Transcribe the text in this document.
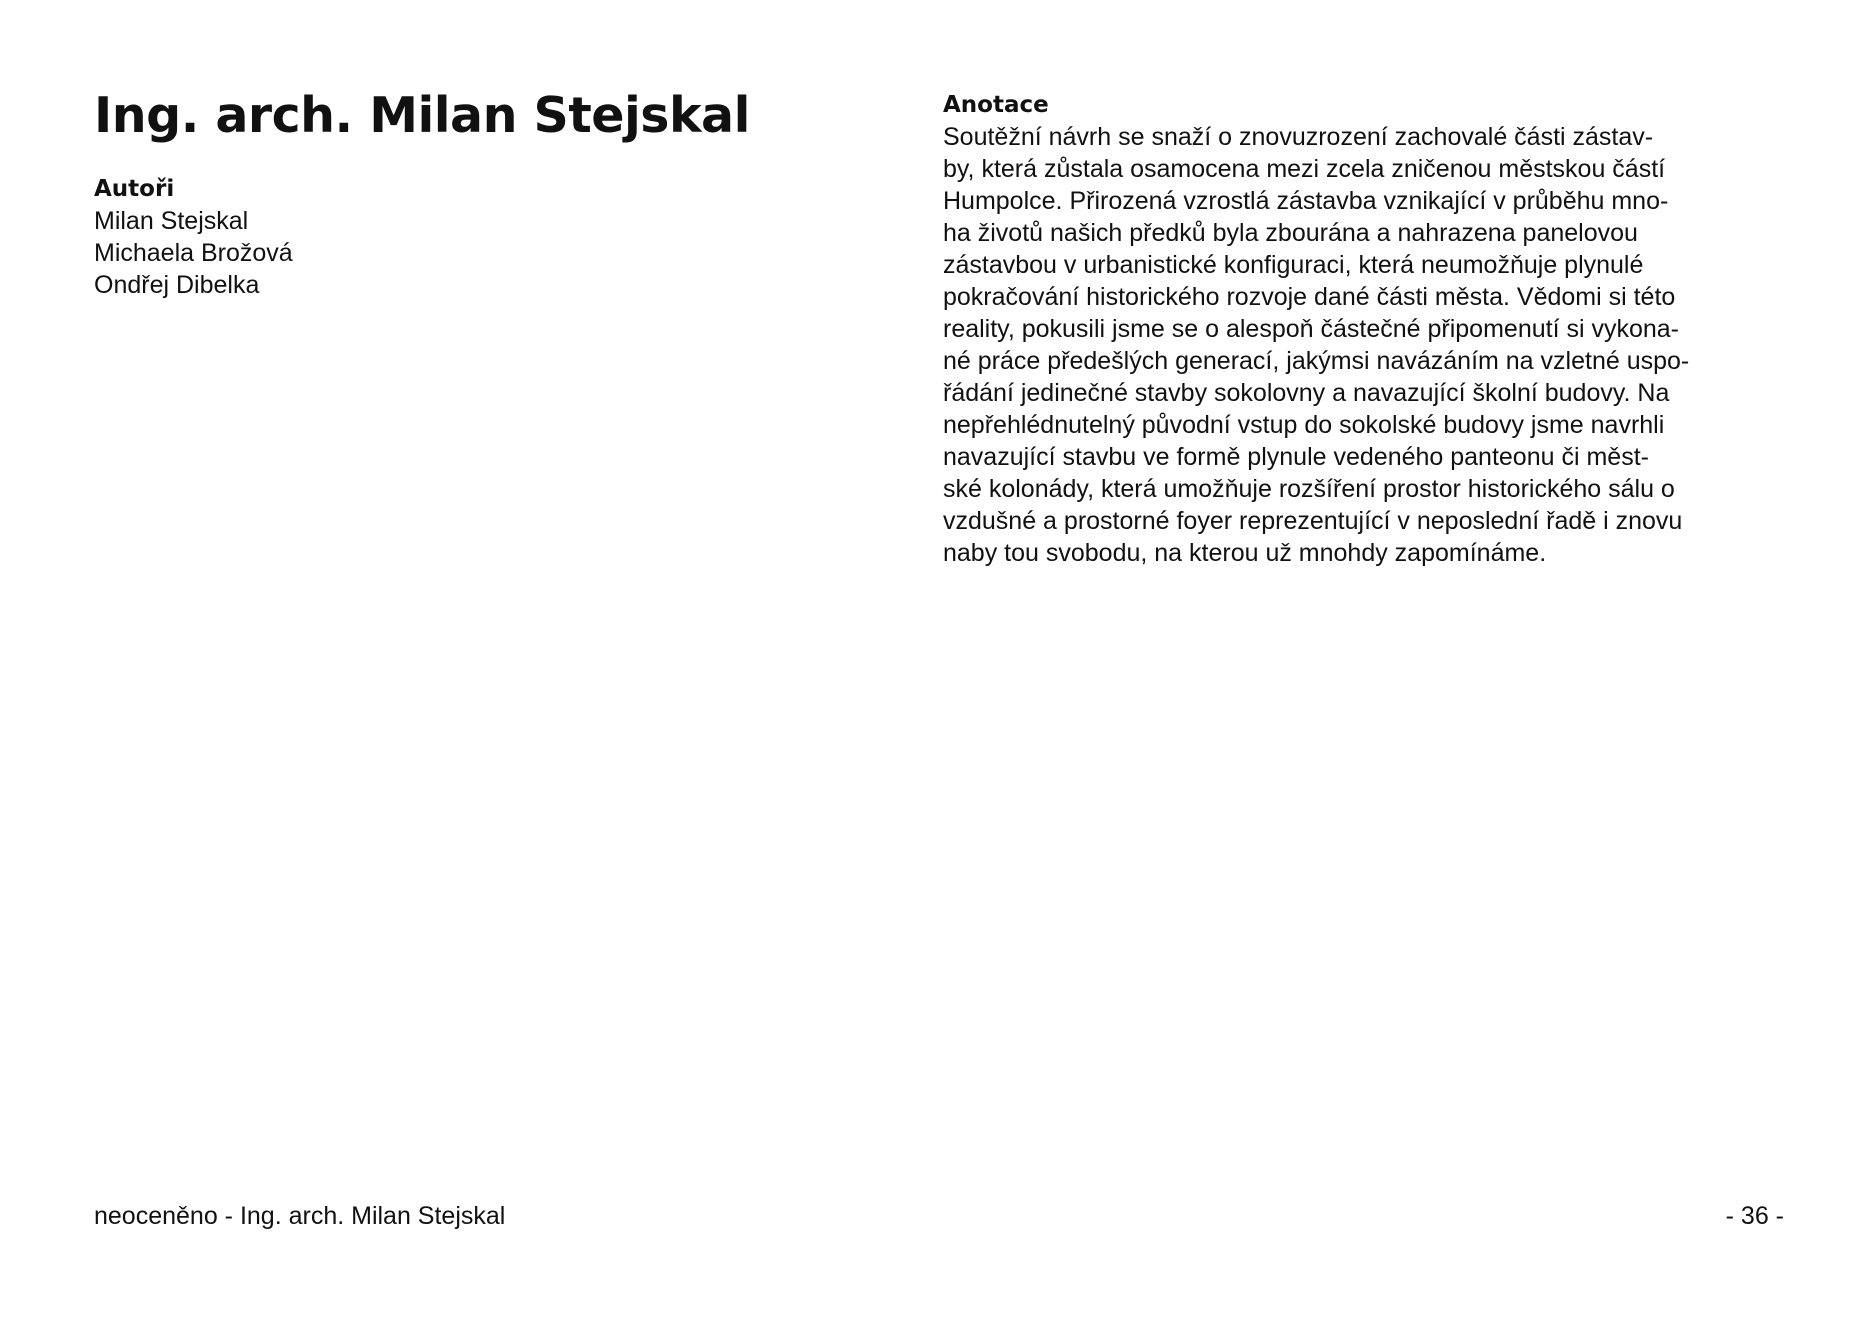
Ing. arch. Milan Stejskal
Autoři
Milan Stejskal
Michaela Brožová
Ondřej Dibelka
Anotace

Soutěžní návrh se snaží o znovuzrození zachovalé části zástav-
by, která zůstala osamocena mezi zcela zničenou městskou částí
Humpolce. Přirozená vzrostlá zástavba vznikající v průběhu mno-
ha životů našich předků byla zbourána a nahrazena panelovou
zástavbou v urbanistické konfiguraci, která neumožňuje plynulé
pokračování historického rozvoje dané části města. Vědomi si této
reality, pokusili jsme se o alespoň částečné připomenutí si vykona-
né práce předešlých generací, jakýmsi navázáním na vzletné uspo-
řádání jedinečné stavby sokolovny a navazující školní budovy. Na
nepřehlédnutelný původní vstup do sokolské budovy jsme navrhli
navazující stavbu ve formě plynule vedeného panteonu či měst-
ské kolonády, která umožňuje rozšíření prostor historického sálu o
vzdušné a prostorné foyer reprezentující v neposlední řadě i znovu
naby tou svobodu, na kterou už mnohdy zapomínáme.

neoceněno - Ing. arch. Milan Stejskal	- 36 -
